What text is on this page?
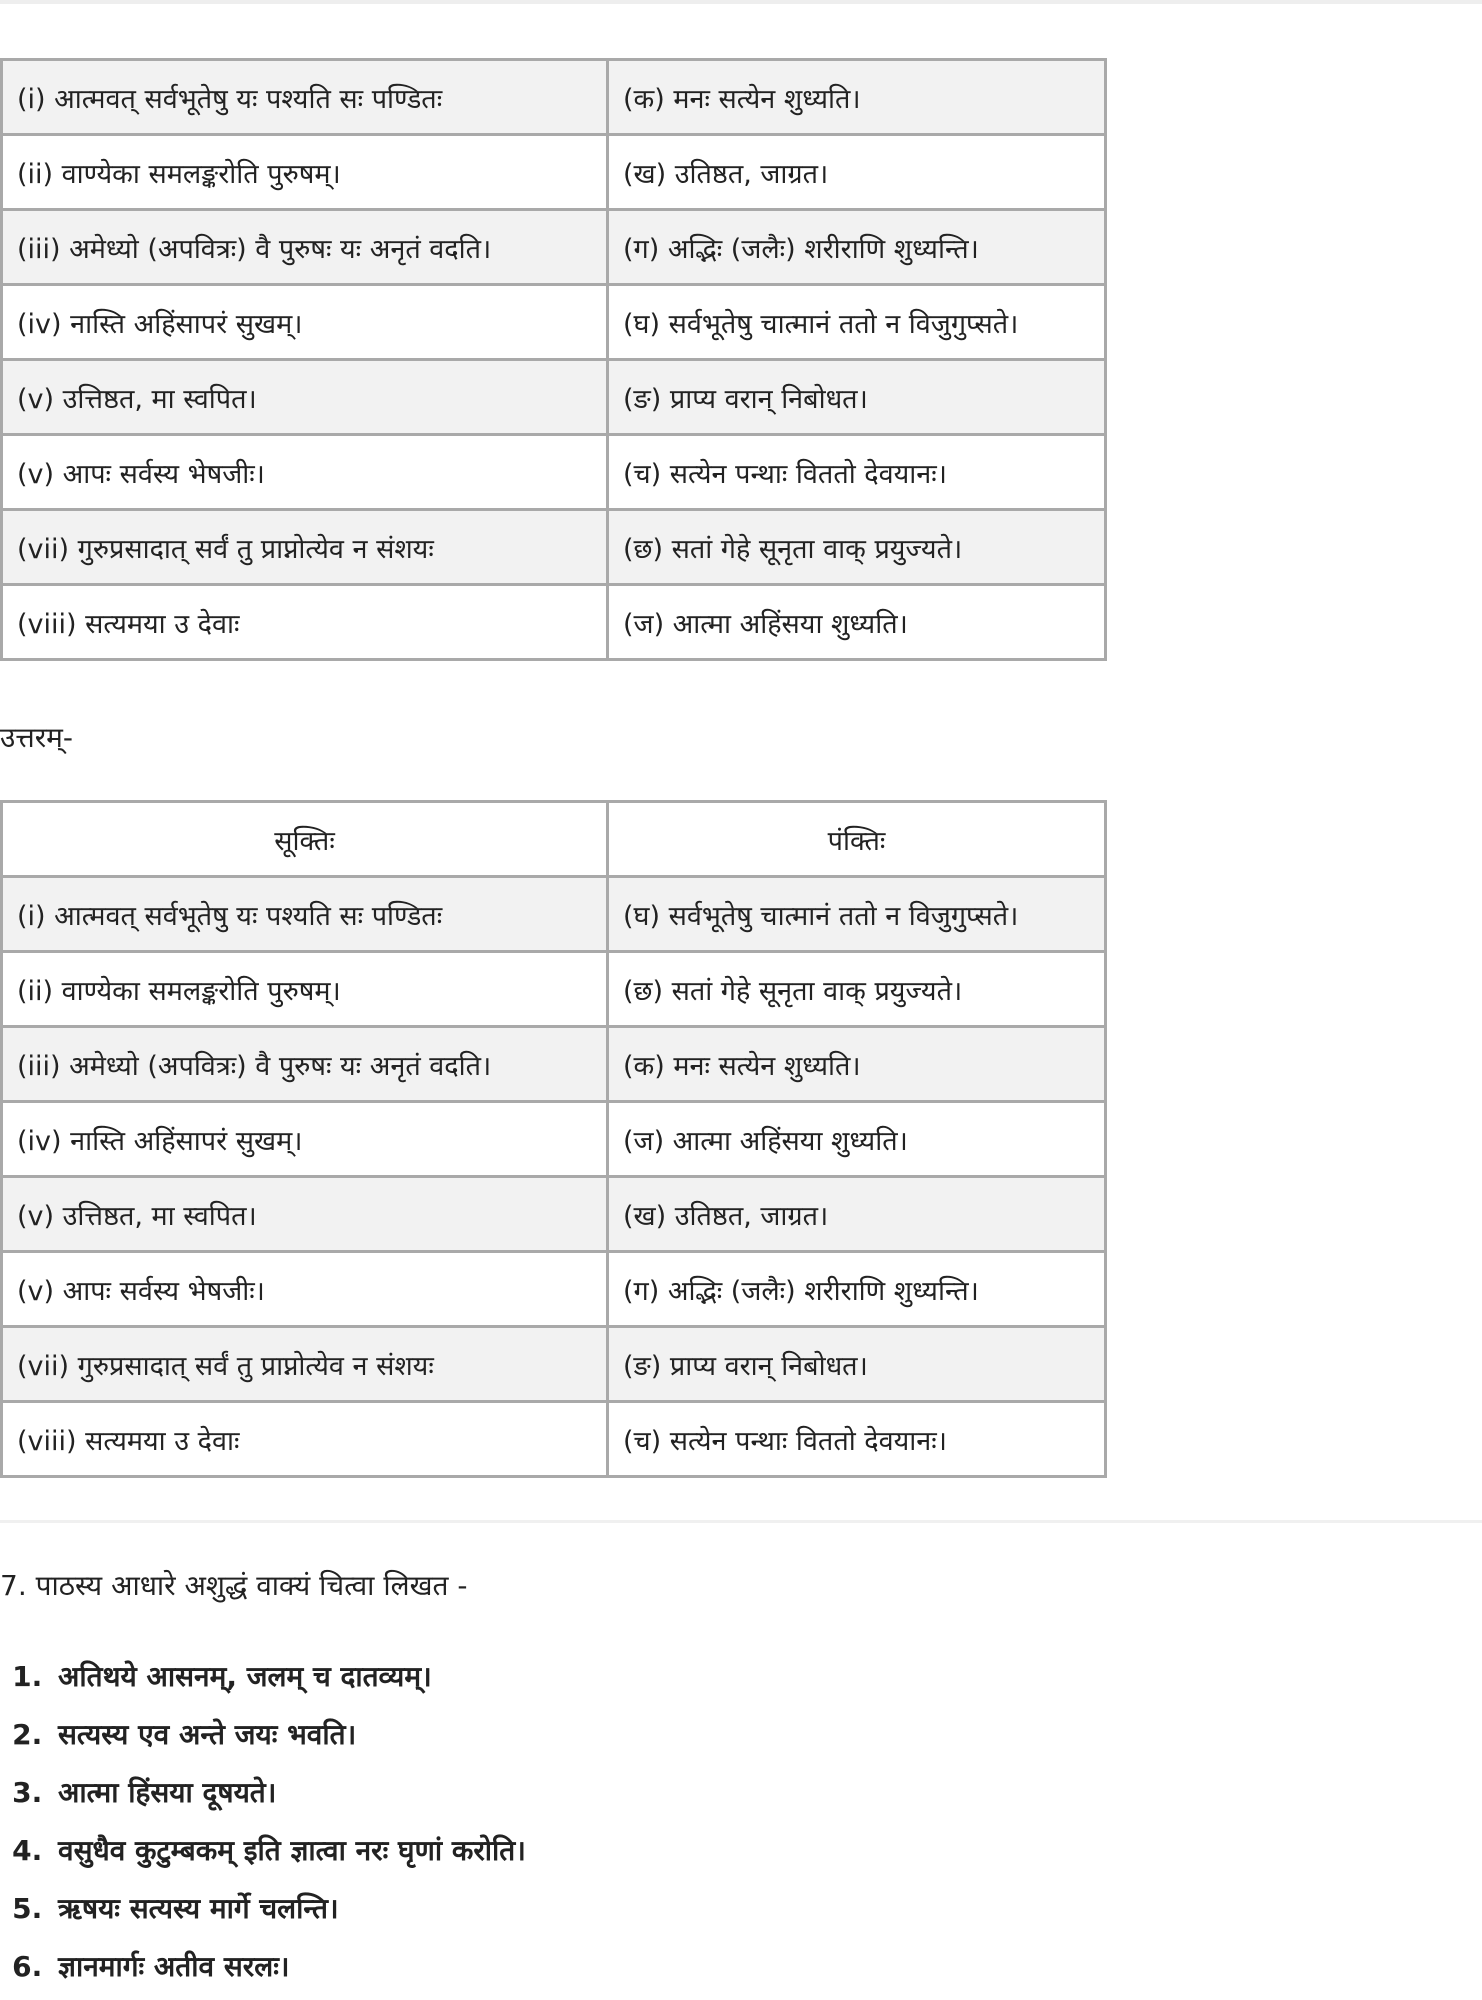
(i) आत्मवत् सर्वभूतेषु यः पश्यति सः पण्डितः	(क) मनः सत्येन शुध्यति।
(ii) वाण्येका समलङ्करोति पुरुषम्।	(ख) उतिष्ठत, जाग्रत।
(iii) अमेध्यो (अपवित्रः) वै पुरुषः यः अनृतं वदति।	(ग) अद्भिः (जलैः) शरीराणि शुध्यन्ति।
(iv) नास्ति अहिंसापरं सुखम्।	(घ) सर्वभूतेषु चात्मानं ततो न विजुगुप्सते।
(v) उत्तिष्ठत, मा स्वपित।	(ङ) प्राप्य वरान् निबोधत।
(v) आपः सर्वस्य भेषजीः।	(च) सत्येन पन्थाः विततो देवयानः।
(vii) गुरुप्रसादात् सर्वं तु प्राप्नोत्येव न संशयः	(छ) सतां गेहे सूनृता वाक् प्रयुज्यते।
(viii) सत्यमया उ देवाः	(ज) आत्मा अहिंसया शुध्यति।
उत्तरम्-
सूक्तिः	पंक्तिः
(i) आत्मवत् सर्वभूतेषु यः पश्यति सः पण्डितः	(घ) सर्वभूतेषु चात्मानं ततो न विजुगुप्सते।
(ii) वाण्येका समलङ्करोति पुरुषम्।	(छ) सतां गेहे सूनृता वाक् प्रयुज्यते।
(iii) अमेध्यो (अपवित्रः) वै पुरुषः यः अनृतं वदति।	(क) मनः सत्येन शुध्यति।
(iv) नास्ति अहिंसापरं सुखम्।	(ज) आत्मा अहिंसया शुध्यति।
(v) उत्तिष्ठत, मा स्वपित।	(ख) उतिष्ठत, जाग्रत।
(v) आपः सर्वस्य भेषजीः।	(ग) अद्भिः (जलैः) शरीराणि शुध्यन्ति।
(vii) गुरुप्रसादात् सर्वं तु प्राप्नोत्येव न संशयः	(ङ) प्राप्य वरान् निबोधत।
(viii) सत्यमया उ देवाः	(च) सत्येन पन्थाः विततो देवयानः।
7. पाठस्य आधारे अशुद्धं वाक्यं चित्वा लिखत -
1. अतिथये आसनम्, जलम् च दातव्यम्।
2. सत्यस्य एव अन्ते जयः भवति।
3. आत्मा हिंसया दूषयते।
4. वसुधैव कुटुम्बकम् इति ज्ञात्वा नरः घृणां करोति।
5. ऋषयः सत्यस्य मार्गे चलन्ति।
6. ज्ञानमार्गः अतीव सरलः।
